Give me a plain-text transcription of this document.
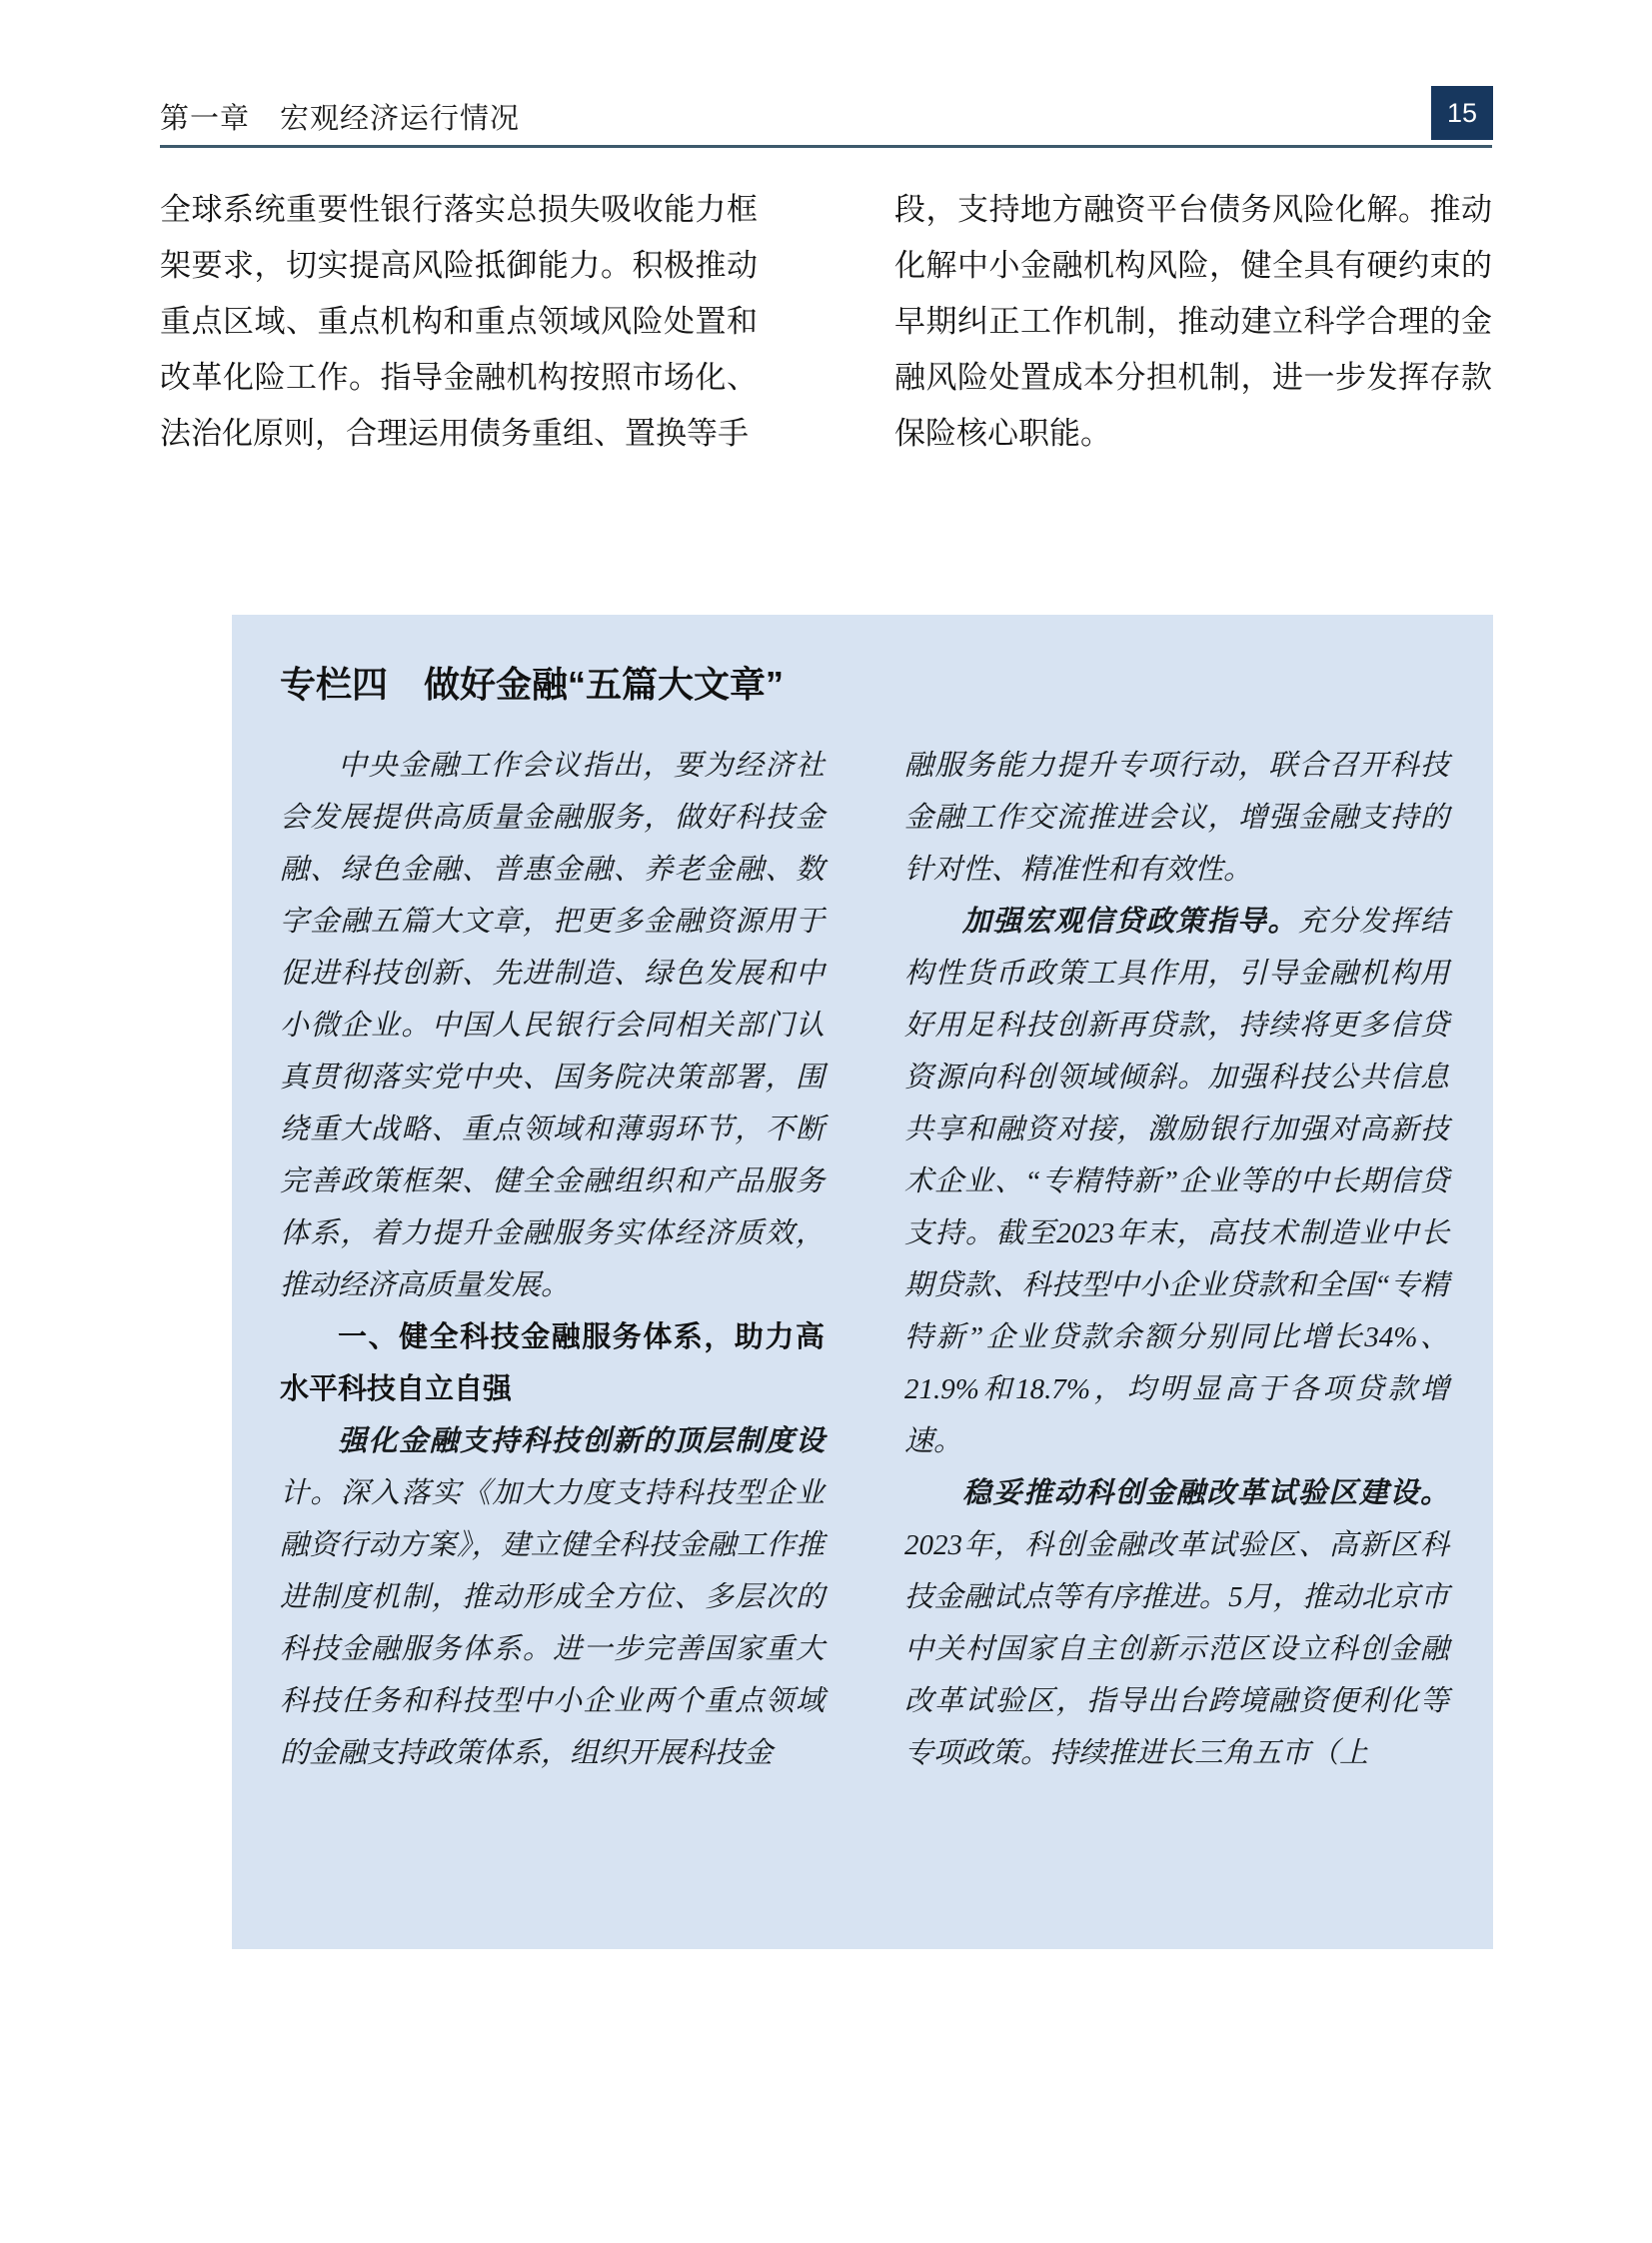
第一章　宏观经济运行情况	15

全球系统重要性银行落实总损失吸收能力框架要求，切实提高风险抵御能力。积极推动重点区域、重点机构和重点领域风险处置和改革化险工作。指导金融机构按照市场化、法治化原则，合理运用债务重组、置换等手

段，支持地方融资平台债务风险化解。推动化解中小金融机构风险，健全具有硬约束的早期纠正工作机制，推动建立科学合理的金融风险处置成本分担机制，进一步发挥存款保险核心职能。

专栏四　做好金融“五篇大文章”

中央金融工作会议指出，要为经济社会发展提供高质量金融服务，做好科技金融、绿色金融、普惠金融、养老金融、数字金融五篇大文章，把更多金融资源用于促进科技创新、先进制造、绿色发展和中小微企业。中国人民银行会同相关部门认真贯彻落实党中央、国务院决策部署，围绕重大战略、重点领域和薄弱环节，不断完善政策框架、健全金融组织和产品服务体系，着力提升金融服务实体经济质效，推动经济高质量发展。

一、健全科技金融服务体系，助力高水平科技自立自强

强化金融支持科技创新的顶层制度设计。深入落实《加大力度支持科技型企业融资行动方案》，建立健全科技金融工作推进制度机制，推动形成全方位、多层次的科技金融服务体系。进一步完善国家重大科技任务和科技型中小企业两个重点领域的金融支持政策体系，组织开展科技金

融服务能力提升专项行动，联合召开科技金融工作交流推进会议，增强金融支持的针对性、精准性和有效性。

加强宏观信贷政策指导。充分发挥结构性货币政策工具作用，引导金融机构用好用足科技创新再贷款，持续将更多信贷资源向科创领域倾斜。加强科技公共信息共享和融资对接，激励银行加强对高新技术企业、“专精特新”企业等的中长期信贷支持。截至2023年末，高技术制造业中长期贷款、科技型中小企业贷款和全国“专精特新”企业贷款余额分别同比增长34%、21.9%和18.7%，均明显高于各项贷款增速。

稳妥推动科创金融改革试验区建设。2023年，科创金融改革试验区、高新区科技金融试点等有序推进。5月，推动北京市中关村国家自主创新示范区设立科创金融改革试验区，指导出台跨境融资便利化等专项政策。持续推进长三角五市（上
